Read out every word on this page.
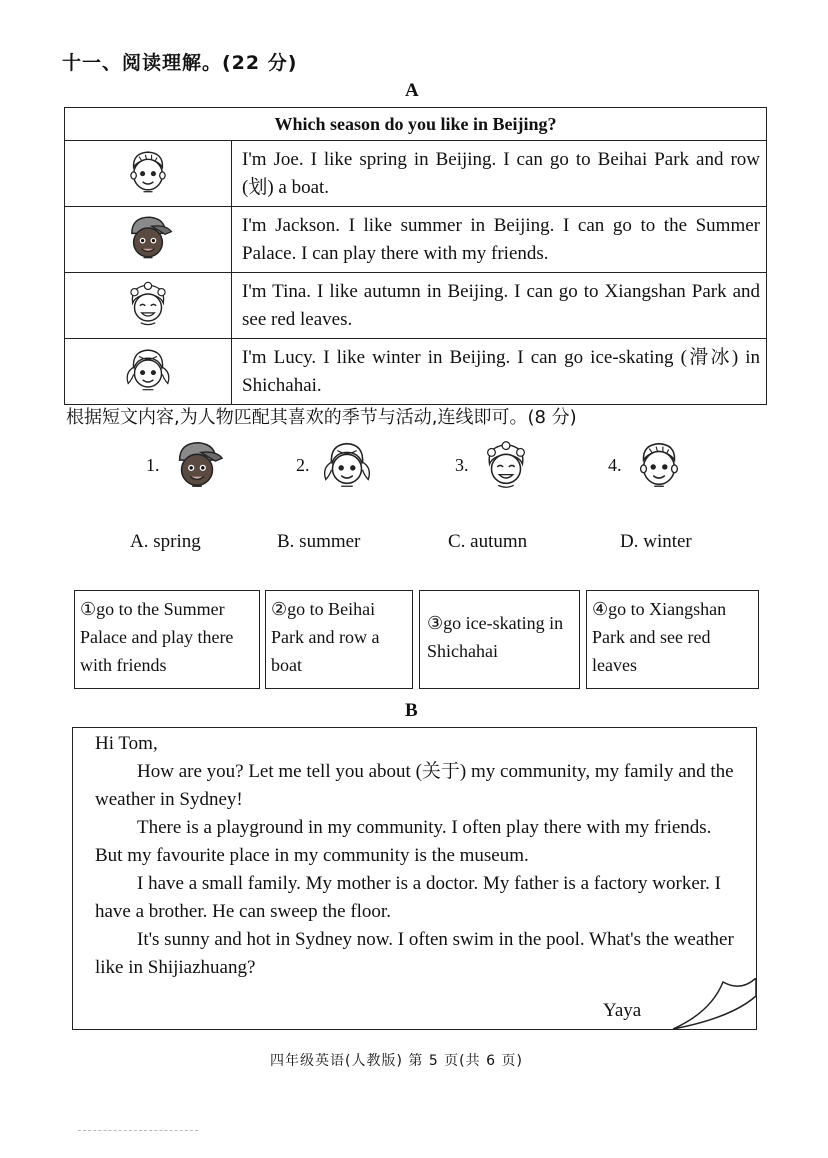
十一、阅读理解。(22 分)
A
Which season do you like in Beijing?	
	I'm Joe. I like spring in Beijing. I can go to Beihai Park and row (划) a boat.
	I'm Jackson. I like summer in Beijing. I can go to the Summer Palace. I can play there with my friends.
	I'm Tina. I like autumn in Beijing. I can go to Xiangshan Park and see red leaves.
	I'm Lucy. I like winter in Beijing. I can go ice-skating (滑冰) in Shichahai.
根据短文内容,为人物匹配其喜欢的季节与活动,连线即可。(8 分)
1.	2.	3.	4.
A. spring	B. summer	C. autumn	D. winter
①go to the Summer Palace and play there with friends
②go to Beihai Park and row a boat
③go ice-skating in Shichahai
④go to Xiangshan Park and see red leaves
B

Hi Tom,

How are you? Let me tell you about (关于) my community, my family and the weather in Sydney!

There is a playground in my community. I often play there with my friends. But my favourite place in my community is the museum.

I have a small family. My mother is a doctor. My father is a factory worker. I have a brother. He can sweep the floor.

It's sunny and hot in Sydney now. I often swim in the pool. What's the weather like in Shijiazhuang?

Yaya
四年级英语(人教版) 第 5 页(共 6 页)
